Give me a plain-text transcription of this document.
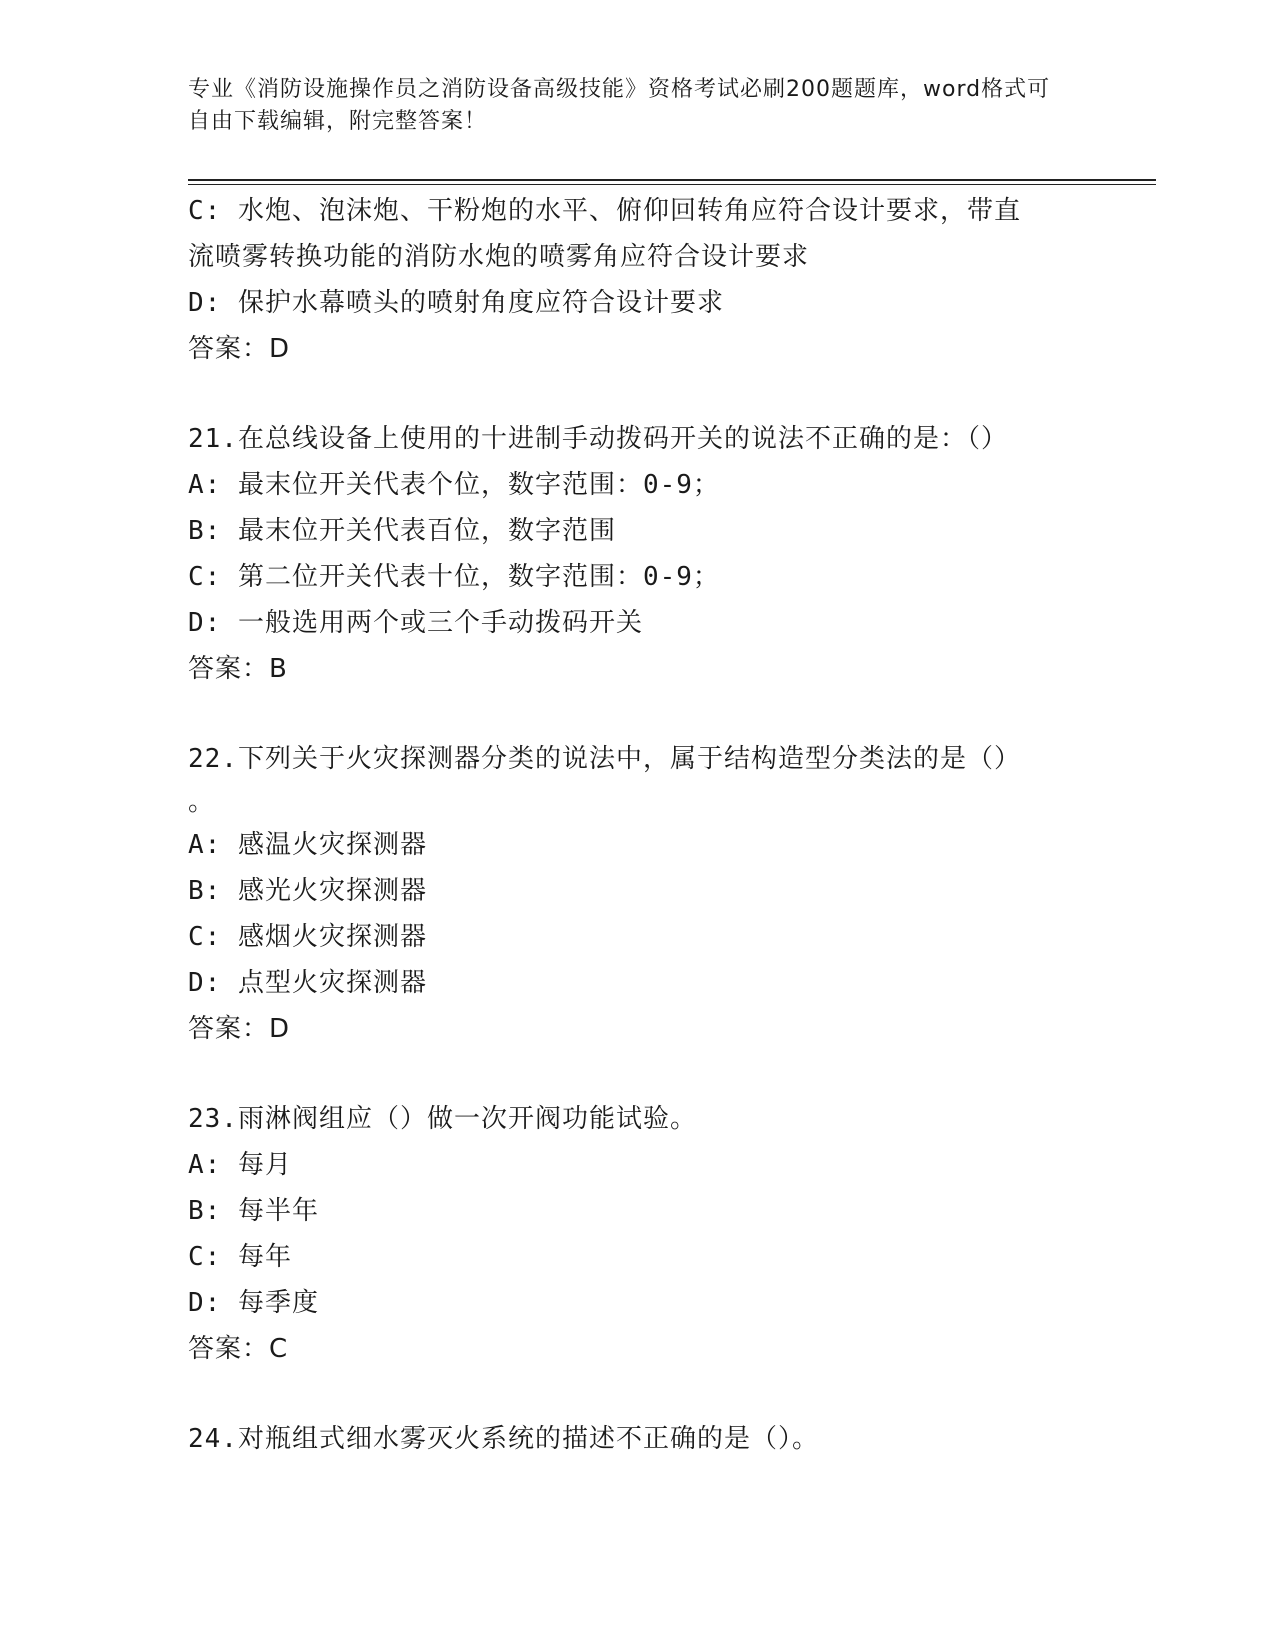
专业《消防设施操作员之消防设备高级技能》资格考试必刷200题题库，word格式可自由下载编辑，附完整答案！
C: 水炮、泡沫炮、干粉炮的水平、俯仰回转角应符合设计要求，带直
流喷雾转换功能的消防水炮的喷雾角应符合设计要求
D: 保护水幕喷头的喷射角度应符合设计要求
答案：D
21.在总线设备上使用的十进制手动拨码开关的说法不正确的是：（）
A: 最末位开关代表个位，数字范围：0-9；
B: 最末位开关代表百位，数字范围
C: 第二位开关代表十位，数字范围：0-9；
D: 一般选用两个或三个手动拨码开关
答案：B
22.下列关于火灾探测器分类的说法中，属于结构造型分类法的是（）
。
A: 感温火灾探测器
B: 感光火灾探测器
C: 感烟火灾探测器
D: 点型火灾探测器
答案：D
23.雨淋阀组应（）做一次开阀功能试验。
A: 每月
B: 每半年
C: 每年
D: 每季度
答案：C
24.对瓶组式细水雾灭火系统的描述不正确的是（）。
